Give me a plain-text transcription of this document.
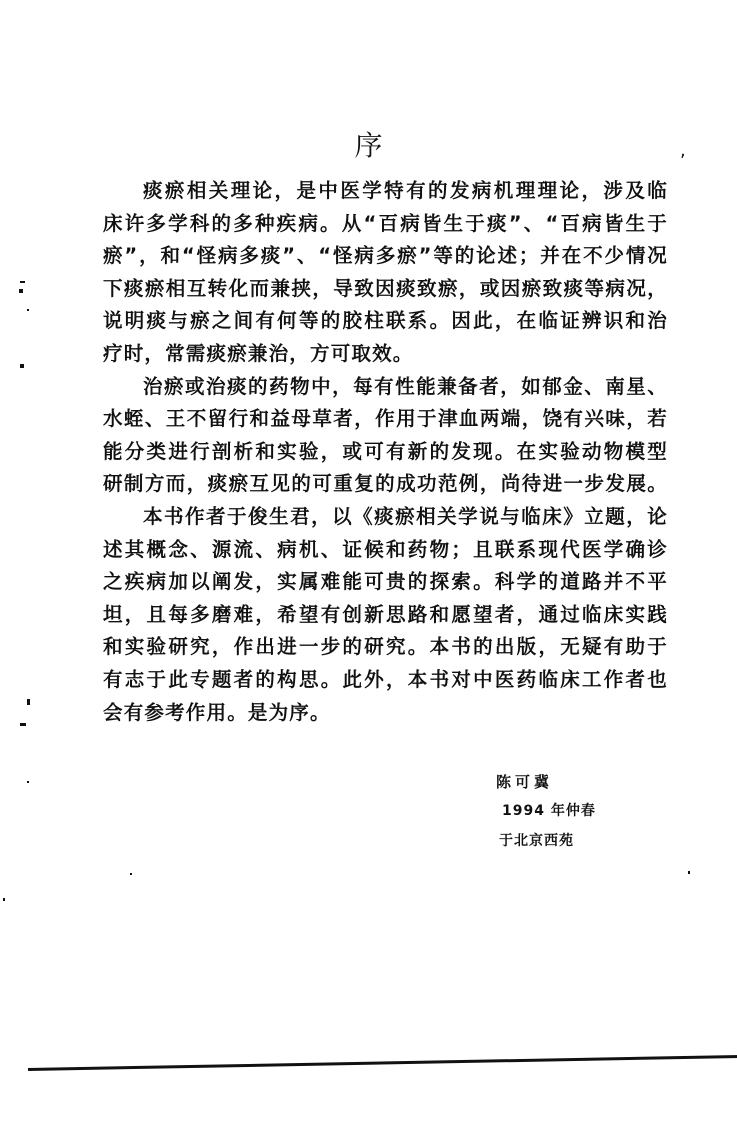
序	,
痰瘀相关理论，是中医学特有的发病机理理论，涉及临
床许多学科的多种疾病。从“百病皆生于痰”、“百病皆生于
瘀”，和“怪病多痰”、“怪病多瘀”等的论述；并在不少情况
下痰瘀相互转化而兼挟，导致因痰致瘀，或因瘀致痰等病况，
说明痰与瘀之间有何等的胶柱联系。因此，在临证辨识和治
疗时，常需痰瘀兼治，方可取效。
治瘀或治痰的药物中，每有性能兼备者，如郁金、南星、
水蛭、王不留行和益母草者，作用于津血两端，饶有兴味，若
能分类进行剖析和实验，或可有新的发现。在实验动物模型
研制方而，痰瘀互见的可重复的成功范例，尚待进一步发展。
本书作者于俊生君，以《痰瘀相关学说与临床》立题，论
述其概念、源流、病机、证候和药物；且联系现代医学确诊
之疾病加以阐发，实属难能可贵的探索。科学的道路并不平
坦，且每多磨难，希望有创新思路和愿望者，通过临床实践
和实验研究，作出进一步的研究。本书的出版，无疑有助于
有志于此专题者的构思。此外，本书对中医药临床工作者也
会有参考作用。是为序。
陈可冀
1994 年仲春
于北京西苑
